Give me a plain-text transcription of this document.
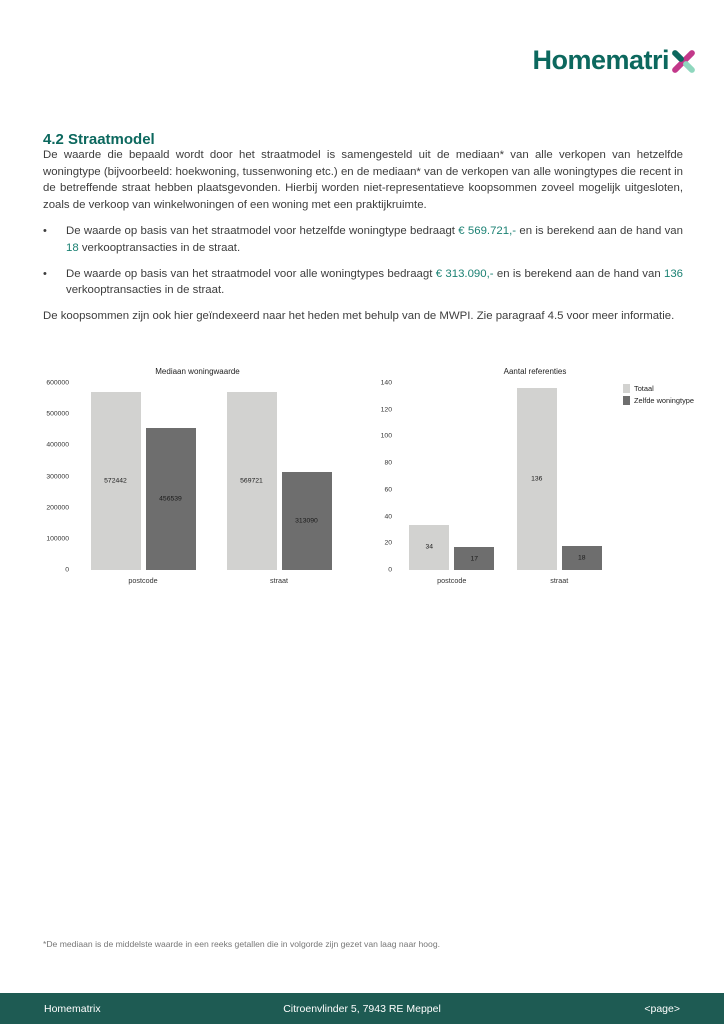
Homematri
4.2 Straatmodel

De waarde die bepaald wordt door het straatmodel is samengesteld uit de mediaan* van alle verkopen van hetzelfde woningtype (bijvoorbeeld: hoekwoning, tussenwoning etc.) en de mediaan* van de verkopen van alle woningtypes die recent in de betreffende straat hebben plaatsgevonden. Hierbij worden niet-representatieve koopsommen zoveel mogelijk uitgesloten, zoals de verkoop van winkelwoningen of een woning met een praktijkruimte.

•	De waarde op basis van het straatmodel voor hetzelfde woningtype bedraagt € 569.721,- en is berekend aan de hand van 18 verkooptransacties in de straat.

•	De waarde op basis van het straatmodel voor alle woningtypes bedraagt € 313.090,- en is berekend aan de hand van 136 verkooptransacties in de straat.

De koopsommen zijn ook hier geïndexeerd naar het heden met behulp van de MWPI. Zie paragraaf 4.5 voor meer informatie.

Mediaan woningwaarde
0
100000
200000
300000
400000
500000
600000
572442
456539
569721
313090
postcode	straat
Aantal referenties
0
20
40
60
80
100
120
140
34
17
136
18
Totaal
Zelfde woningtype
postcode	straat
*De mediaan is de middelste waarde in een reeks getallen die in volgorde zijn gezet van laag naar hoog.
Homematrix	Citroenvlinder 5, 7943 RE Meppel	<page>
